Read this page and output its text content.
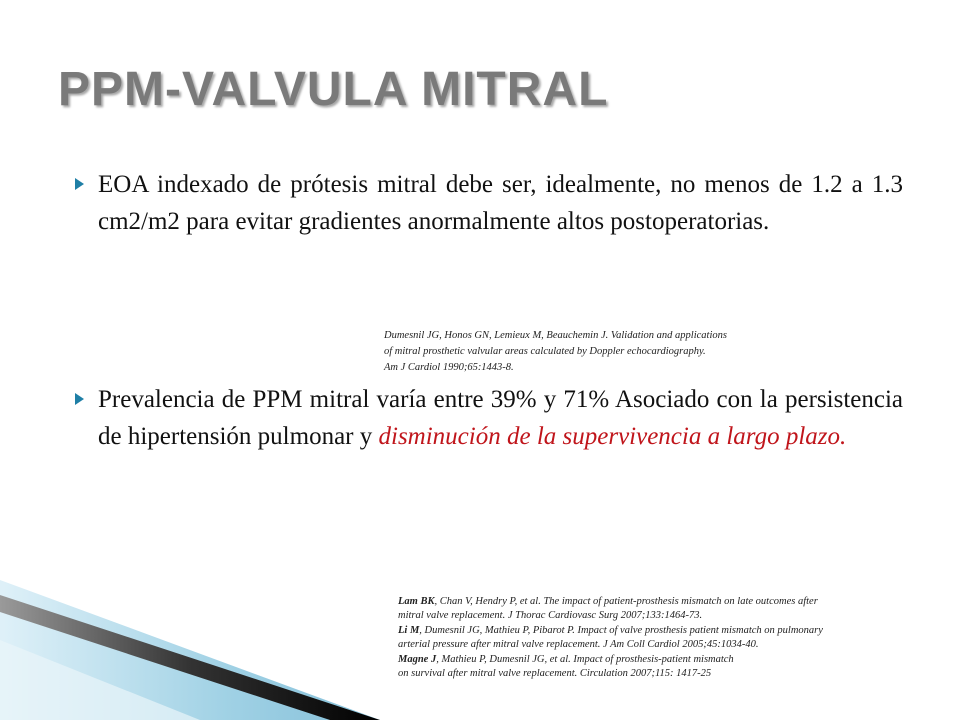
PPM-VALVULA MITRAL
EOA indexado de prótesis mitral debe ser, idealmente, no menos de 1.2 a 1.3 cm2/m2 para evitar gradientes anormalmente altos postoperatorias.
Dumesnil JG, Honos GN, Lemieux M, Beauchemin J. Validation and applications
of mitral prosthetic valvular areas calculated by Doppler echocardiography.
Am J Cardiol 1990;65:1443-8.
Prevalencia de PPM mitral varía entre 39% y 71% Asociado con la persistencia de hipertensión pulmonar y disminución de la supervivencia a largo plazo.
Lam BK, Chan V, Hendry P, et al. The impact of patient-prosthesis mismatch on late outcomes after
mitral valve replacement. J Thorac Cardiovasc Surg 2007;133:1464-73.
Li M, Dumesnil JG, Mathieu P, Pibarot P. Impact of valve prosthesis patient mismatch on pulmonary
arterial pressure after mitral valve replacement. J Am Coll Cardiol 2005;45:1034-40.
Magne J, Mathieu P, Dumesnil JG, et al. Impact of prosthesis-patient mismatch
on survival after mitral valve replacement. Circulation 2007;115: 1417-25
